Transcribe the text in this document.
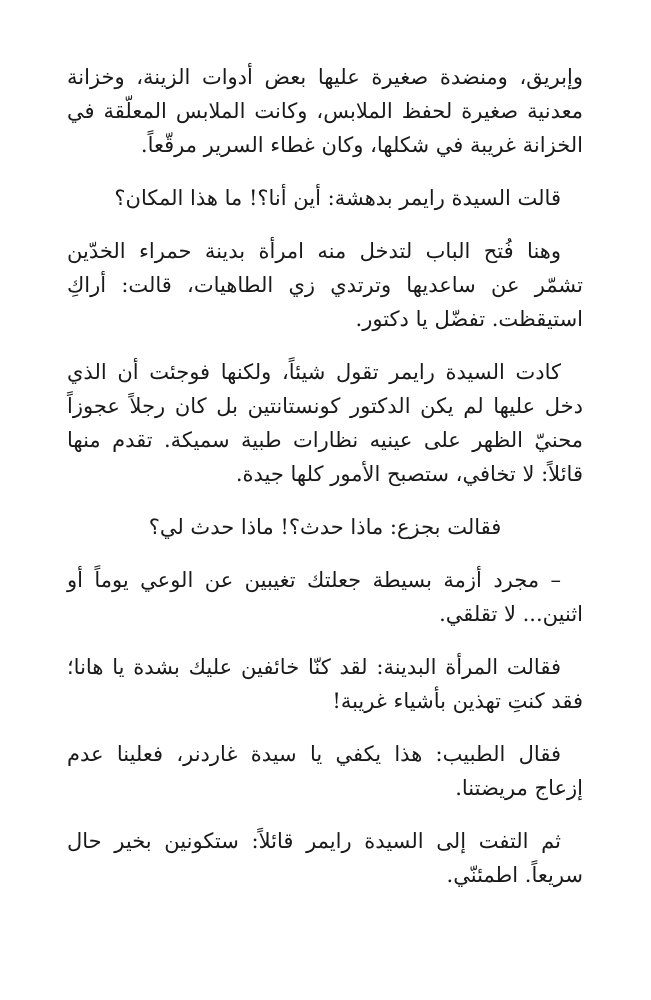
وإبريق، ومنضدة صغيرة عليها بعض أدوات الزينة، وخزانة معدنية صغيرة لحفظ الملابس، وكانت الملابس المعلّقة في الخزانة غريبة في شكلها، وكان غطاء السرير مرقّعاً.

قالت السيدة رايمر بدهشة: أين أنا؟! ما هذا المكان؟

وهنا فُتح الباب لتدخل منه امرأة بدينة حمراء الخدّين تشمّر عن ساعديها وترتدي زي الطاهيات، قالت: أراكِ استيقظت. تفضّل يا دكتور.

كادت السيدة رايمر تقول شيئاً، ولكنها فوجئت أن الذي دخل عليها لم يكن الدكتور كونستانتين بل كان رجلاً عجوزاً محنيّ الظهر على عينيه نظارات طبية سميكة. تقدم منها قائلاً: لا تخافي، ستصبح الأمور كلها جيدة.

فقالت بجزع: ماذا حدث؟! ماذا حدث لي؟

– مجرد أزمة بسيطة جعلتك تغيبين عن الوعي يوماً أو اثنين... لا تقلقي.

فقالت المرأة البدينة: لقد كنّا خائفين عليك بشدة يا هانا؛ فقد كنتِ تهذين بأشياء غريبة!

فقال الطبيب: هذا يكفي يا سيدة غاردنر، فعلينا عدم إزعاج مريضتنا.

ثم التفت إلى السيدة رايمر قائلاً: ستكونين بخير حال سريعاً. اطمئنّي.
